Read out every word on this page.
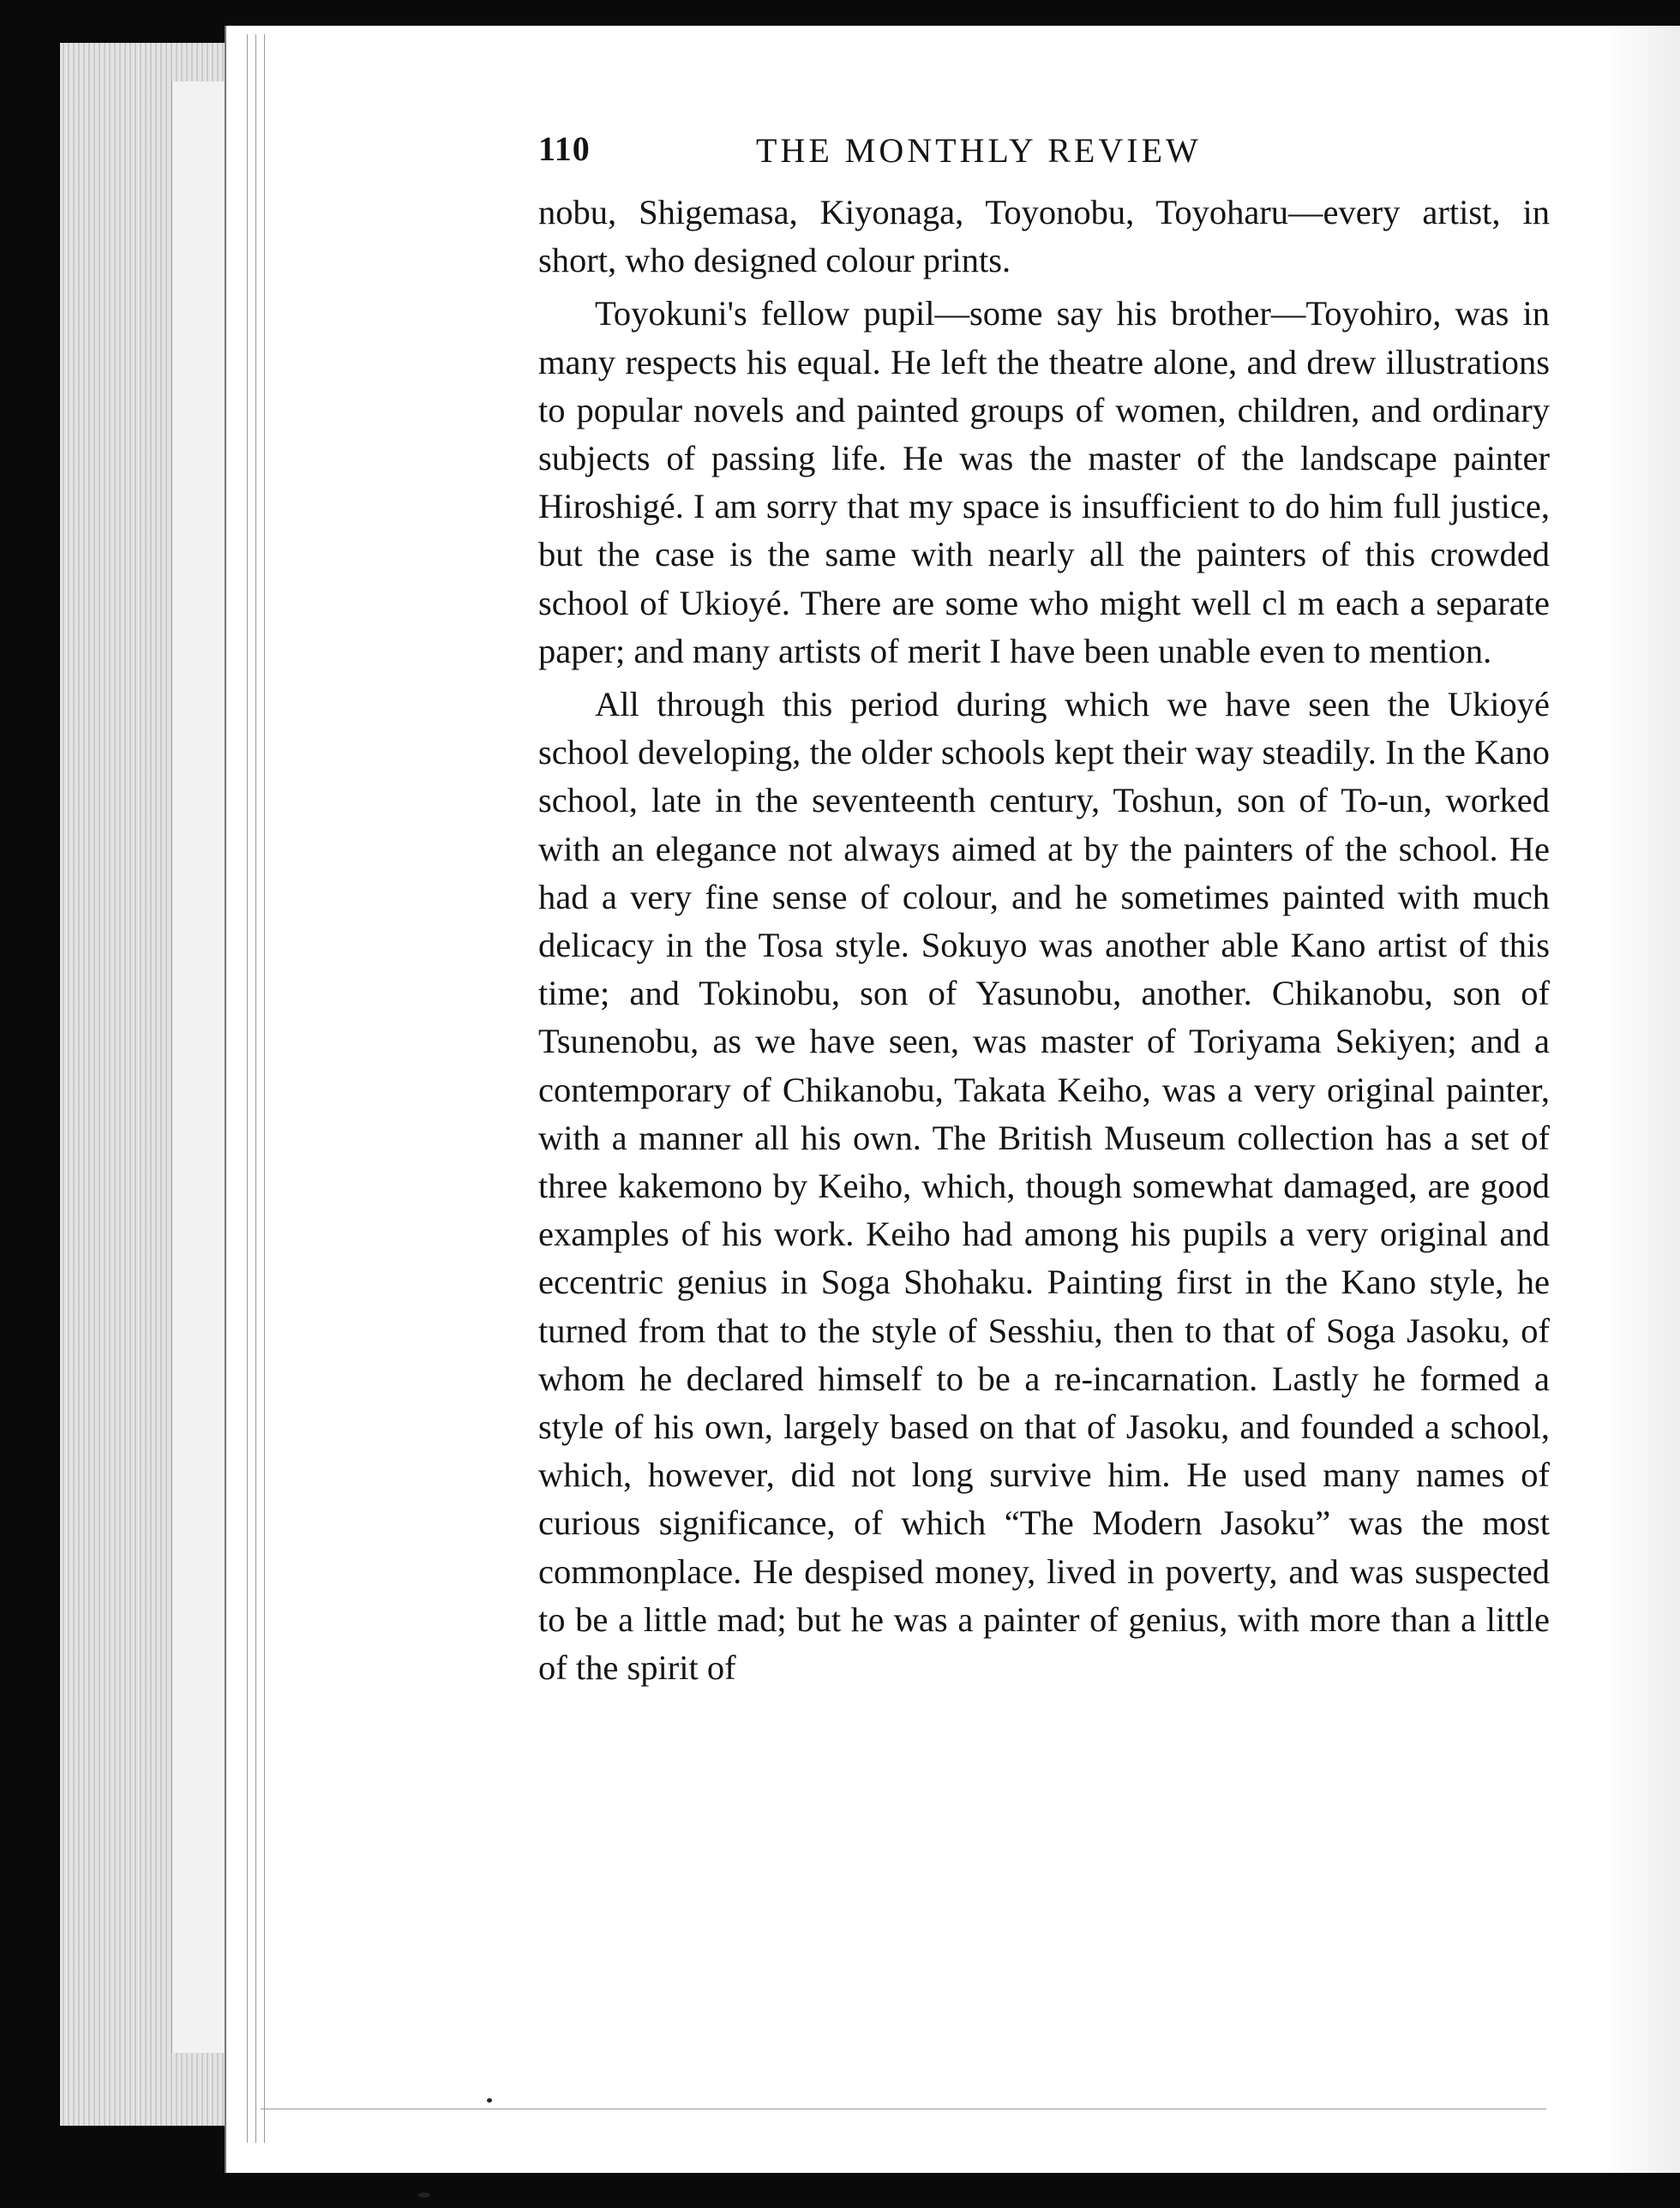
110	THE MONTHLY REVIEW

nobu, Shigemasa, Kiyonaga, Toyonobu, Toyoharu—every artist, in short, who designed colour prints.

Toyokuni's fellow pupil—some say his brother—Toyohiro, was in many respects his equal. He left the theatre alone, and drew illustrations to popular novels and painted groups of women, children, and ordinary subjects of passing life. He was the master of the landscape painter Hiroshigé. I am sorry that my space is insufficient to do him full justice, but the case is the same with nearly all the painters of this crowded school of Ukioyé. There are some who might well cl m each a separate paper; and many artists of merit I have been unable even to mention.

All through this period during which we have seen the Ukioyé school developing, the older schools kept their way steadily. In the Kano school, late in the seventeenth century, Toshun, son of To-un, worked with an elegance not always aimed at by the painters of the school. He had a very fine sense of colour, and he sometimes painted with much delicacy in the Tosa style. Sokuyo was another able Kano artist of this time; and Tokinobu, son of Yasunobu, another. Chikanobu, son of Tsunenobu, as we have seen, was master of Toriyama Sekiyen; and a contemporary of Chikanobu, Takata Keiho, was a very original painter, with a manner all his own. The British Museum collection has a set of three kakemono by Keiho, which, though somewhat damaged, are good examples of his work. Keiho had among his pupils a very original and eccentric genius in Soga Shohaku. Painting first in the Kano style, he turned from that to the style of Sesshiu, then to that of Soga Jasoku, of whom he declared himself to be a re-incarnation. Lastly he formed a style of his own, largely based on that of Jasoku, and founded a school, which, however, did not long survive him. He used many names of curious significance, of which “The Modern Jasoku” was the most commonplace. He despised money, lived in poverty, and was suspected to be a little mad; but he was a painter of genius, with more than a little of the spirit of
